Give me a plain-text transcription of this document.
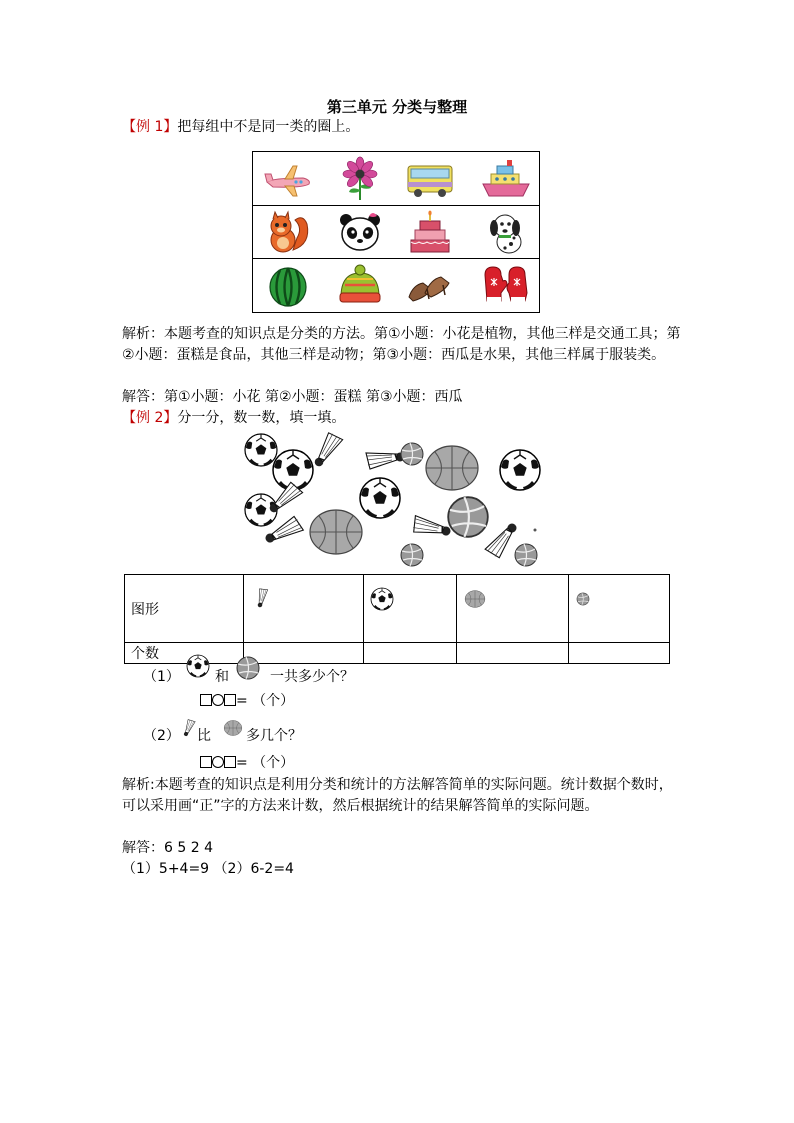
第三单元 分类与整理
【例 1】把每组中不是同一类的圈上。
解析：本题考查的知识点是分类的方法。第①小题：小花是植物，其他三样是交通工具；第②小题：蛋糕是食品，其他三样是动物；第③小题：西瓜是水果，其他三样属于服装类。
解答：第①小题：小花 第②小题：蛋糕 第③小题：西瓜
【例 2】分一分，数一数，填一填。
图形				
个数				
（1）	和	一共多少个？
= （个）
（2） 比	多几个？
= （个）
解析:本题考查的知识点是利用分类和统计的方法解答简单的实际问题。统计数据个数时，可以采用画“正”字的方法来计数，然后根据统计的结果解答简单的实际问题。
解答：6 5 2 4
（1）5+4=9 （2）6-2=4
